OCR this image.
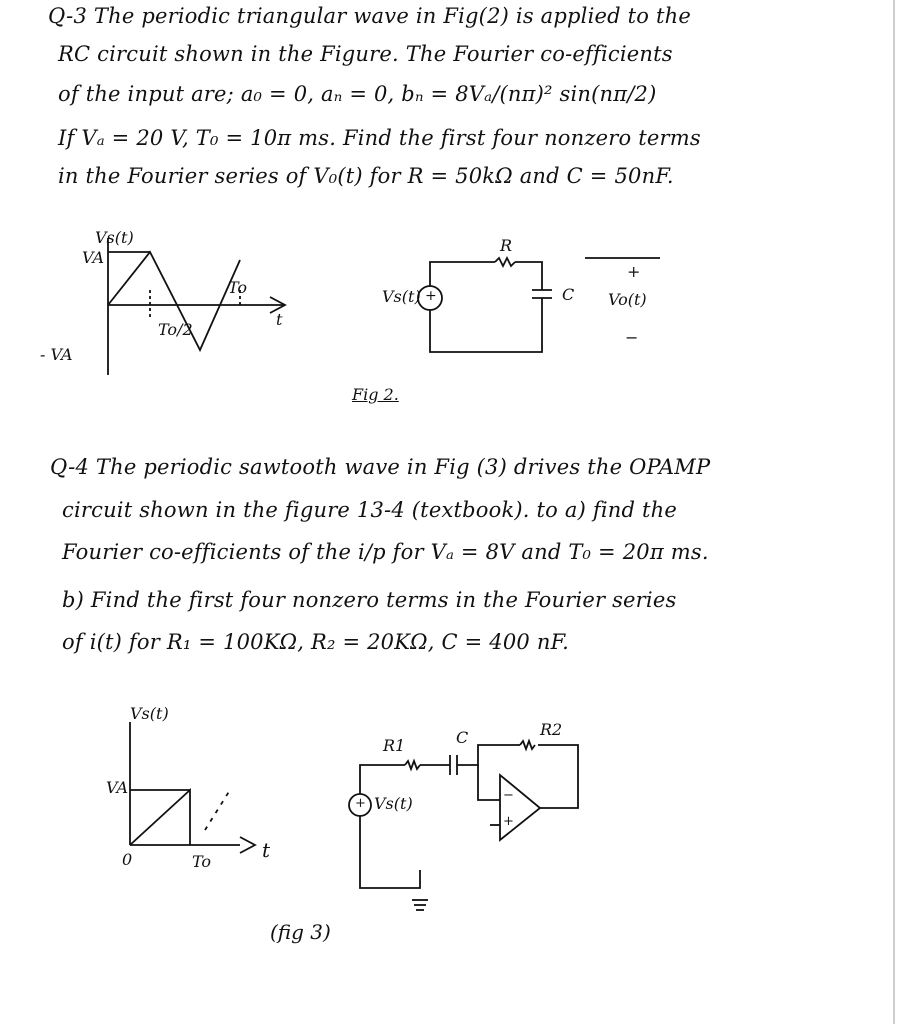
Q-3 The periodic triangular wave in Fig(2) is applied to the
RC circuit shown in the Figure. The Fourier co-efficients
of the input are; a₀ = 0, aₙ = 0, bₙ = 8Vₐ/(nπ)² sin(nπ/2)
If Vₐ = 20 V, T₀ = 10π ms. Find the first four nonzero terms
in the Fourier series of V₀(t) for R = 50kΩ and C = 50nF.
Vs(t)
VA
To
To/2
t
- VA
Vs(t) +
R
C
+
Vo(t)
−
Fig 2.
Q-4 The periodic sawtooth wave in Fig (3) drives the OPAMP
circuit shown in the figure 13-4 (textbook). to a) find the
Fourier co-efficients of the i/p for Vₐ = 8V and T₀ = 20π ms.
b) Find the first four nonzero terms in the Fourier series
of i(t) for R₁ = 100KΩ, R₂ = 20KΩ, C = 400 nF.
Vs(t)
VA
0	To	t
R1	C	R2
+ Vs(t)	−
+
(fig 3)
